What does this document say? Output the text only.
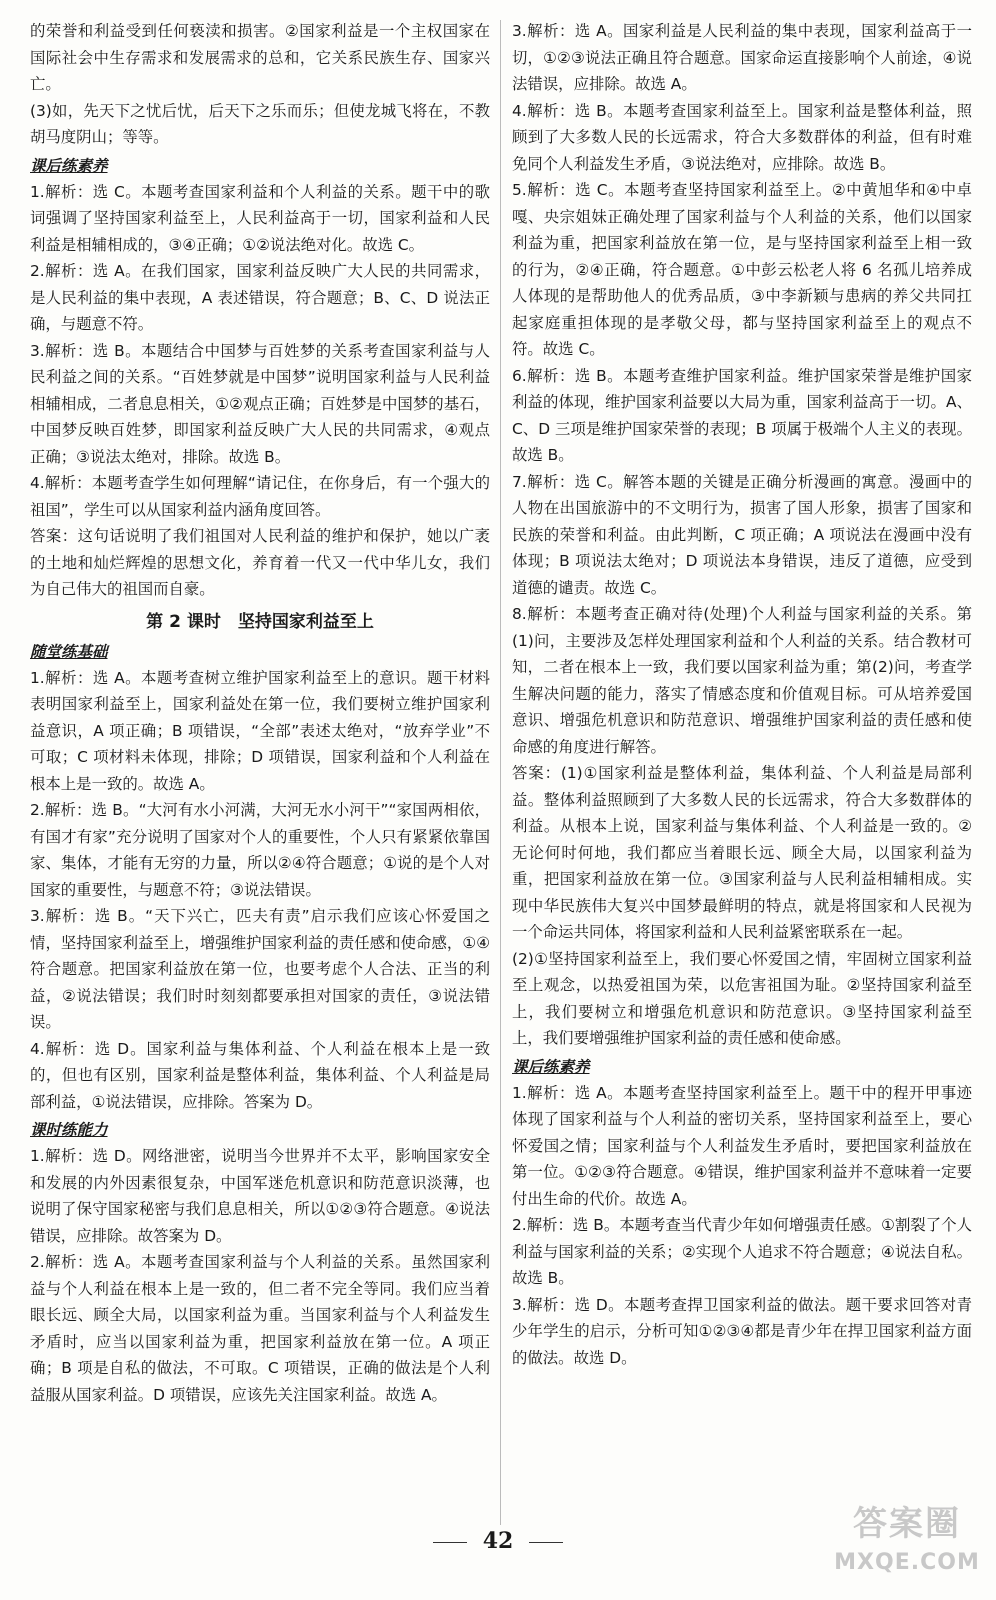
的荣誉和利益受到任何亵渎和损害。②国家利益是一个主权国家在国际社会中生存需求和发展需求的总和，它关系民族生存、国家兴亡。

(3)如，先天下之忧后忧，后天下之乐而乐；但使龙城飞将在，不教胡马度阴山；等等。

课后练素养

1.解析：选 C。本题考查国家利益和个人利益的关系。题干中的歌词强调了坚持国家利益至上，人民利益高于一切，国家利益和人民利益是相辅相成的，③④正确；①②说法绝对化。故选 C。

2.解析：选 A。在我们国家，国家利益反映广大人民的共同需求，是人民利益的集中表现，A 表述错误，符合题意；B、C、D 说法正确，与题意不符。

3.解析：选 B。本题结合中国梦与百姓梦的关系考查国家利益与人民利益之间的关系。“百姓梦就是中国梦”说明国家利益与人民利益相辅相成，二者息息相关，①②观点正确；百姓梦是中国梦的基石，中国梦反映百姓梦，即国家利益反映广大人民的共同需求，④观点正确；③说法太绝对，排除。故选 B。

4.解析：本题考查学生如何理解“请记住，在你身后，有一个强大的祖国”，学生可以从国家利益内涵角度回答。

答案：这句话说明了我们祖国对人民利益的维护和保护，她以广袤的土地和灿烂辉煌的思想文化，养育着一代又一代中华儿女，我们为自己伟大的祖国而自豪。

第 2 课时　坚持国家利益至上
随堂练基础

1.解析：选 A。本题考查树立维护国家利益至上的意识。题干材料表明国家利益至上，国家利益处在第一位，我们要树立维护国家利益意识，A 项正确；B 项错误，“全部”表述太绝对，“放弃学业”不可取；C 项材料未体现，排除；D 项错误，国家利益和个人利益在根本上是一致的。故选 A。

2.解析：选 B。“大河有水小河满，大河无水小河干”“家国两相依，有国才有家”充分说明了国家对个人的重要性，个人只有紧紧依靠国家、集体，才能有无穷的力量，所以②④符合题意；①说的是个人对国家的重要性，与题意不符；③说法错误。

3.解析：选 B。“天下兴亡，匹夫有责”启示我们应该心怀爱国之情，坚持国家利益至上，增强维护国家利益的责任感和使命感，①④符合题意。把国家利益放在第一位，也要考虑个人合法、正当的利益，②说法错误；我们时时刻刻都要承担对国家的责任，③说法错误。

4.解析：选 D。国家利益与集体利益、个人利益在根本上是一致的，但也有区别，国家利益是整体利益，集体利益、个人利益是局部利益，①说法错误，应排除。答案为 D。

课时练能力

1.解析：选 D。网络泄密，说明当今世界并不太平，影响国家安全和发展的内外因素很复杂，中国军迷危机意识和防范意识淡薄，也说明了保守国家秘密与我们息息相关，所以①②③符合题意。④说法错误，应排除。故答案为 D。

2.解析：选 A。本题考查国家利益与个人利益的关系。虽然国家利益与个人利益在根本上是一致的，但二者不完全等同。我们应当着眼长远、顾全大局，以国家利益为重。当国家利益与个人利益发生矛盾时，应当以国家利益为重，把国家利益放在第一位。A 项正确；B 项是自私的做法，不可取。C 项错误，正确的做法是个人利益服从国家利益。D 项错误，应该先关注国家利益。故选 A。

3.解析：选 A。国家利益是人民利益的集中表现，国家利益高于一切，①②③说法正确且符合题意。国家命运直接影响个人前途，④说法错误，应排除。故选 A。

4.解析：选 B。本题考查国家利益至上。国家利益是整体利益，照顾到了大多数人民的长远需求，符合大多数群体的利益，但有时难免同个人利益发生矛盾，③说法绝对，应排除。故选 B。

5.解析：选 C。本题考查坚持国家利益至上。②中黄旭华和④中卓嘎、央宗姐妹正确处理了国家利益与个人利益的关系，他们以国家利益为重，把国家利益放在第一位，是与坚持国家利益至上相一致的行为，②④正确，符合题意。①中彭云松老人将 6 名孤儿培养成人体现的是帮助他人的优秀品质，③中李新颖与患病的养父共同扛起家庭重担体现的是孝敬父母，都与坚持国家利益至上的观点不符。故选 C。

6.解析：选 B。本题考查维护国家利益。维护国家荣誉是维护国家利益的体现，维护国家利益要以大局为重，国家利益高于一切。A、C、D 三项是维护国家荣誉的表现；B 项属于极端个人主义的表现。故选 B。

7.解析：选 C。解答本题的关键是正确分析漫画的寓意。漫画中的人物在出国旅游中的不文明行为，损害了国人形象，损害了国家和民族的荣誉和利益。由此判断，C 项正确；A 项说法在漫画中没有体现；B 项说法太绝对；D 项说法本身错误，违反了道德，应受到道德的谴责。故选 C。

8.解析：本题考查正确对待(处理)个人利益与国家利益的关系。第(1)问，主要涉及怎样处理国家利益和个人利益的关系。结合教材可知，二者在根本上一致，我们要以国家利益为重；第(2)问，考查学生解决问题的能力，落实了情感态度和价值观目标。可从培养爱国意识、增强危机意识和防范意识、增强维护国家利益的责任感和使命感的角度进行解答。

答案：(1)①国家利益是整体利益，集体利益、个人利益是局部利益。整体利益照顾到了大多数人民的长远需求，符合大多数群体的利益。从根本上说，国家利益与集体利益、个人利益是一致的。②无论何时何地，我们都应当着眼长远、顾全大局，以国家利益为重，把国家利益放在第一位。③国家利益与人民利益相辅相成。实现中华民族伟大复兴中国梦最鲜明的特点，就是将国家和人民视为一个命运共同体，将国家利益和人民利益紧密联系在一起。

(2)①坚持国家利益至上，我们要心怀爱国之情，牢固树立国家利益至上观念，以热爱祖国为荣，以危害祖国为耻。②坚持国家利益至上，我们要树立和增强危机意识和防范意识。③坚持国家利益至上，我们要增强维护国家利益的责任感和使命感。

课后练素养

1.解析：选 A。本题考查坚持国家利益至上。题干中的程开甲事迹体现了国家利益与个人利益的密切关系，坚持国家利益至上，要心怀爱国之情；国家利益与个人利益发生矛盾时，要把国家利益放在第一位。①②③符合题意。④错误，维护国家利益并不意味着一定要付出生命的代价。故选 A。

2.解析：选 B。本题考查当代青少年如何增强责任感。①割裂了个人利益与国家利益的关系；②实现个人追求不符合题意；④说法自私。故选 B。

3.解析：选 D。本题考查捍卫国家利益的做法。题干要求回答对青少年学生的启示，分析可知①②③④都是青少年在捍卫国家利益方面的做法。故选 D。

42	答案圈
MXQE.COM
